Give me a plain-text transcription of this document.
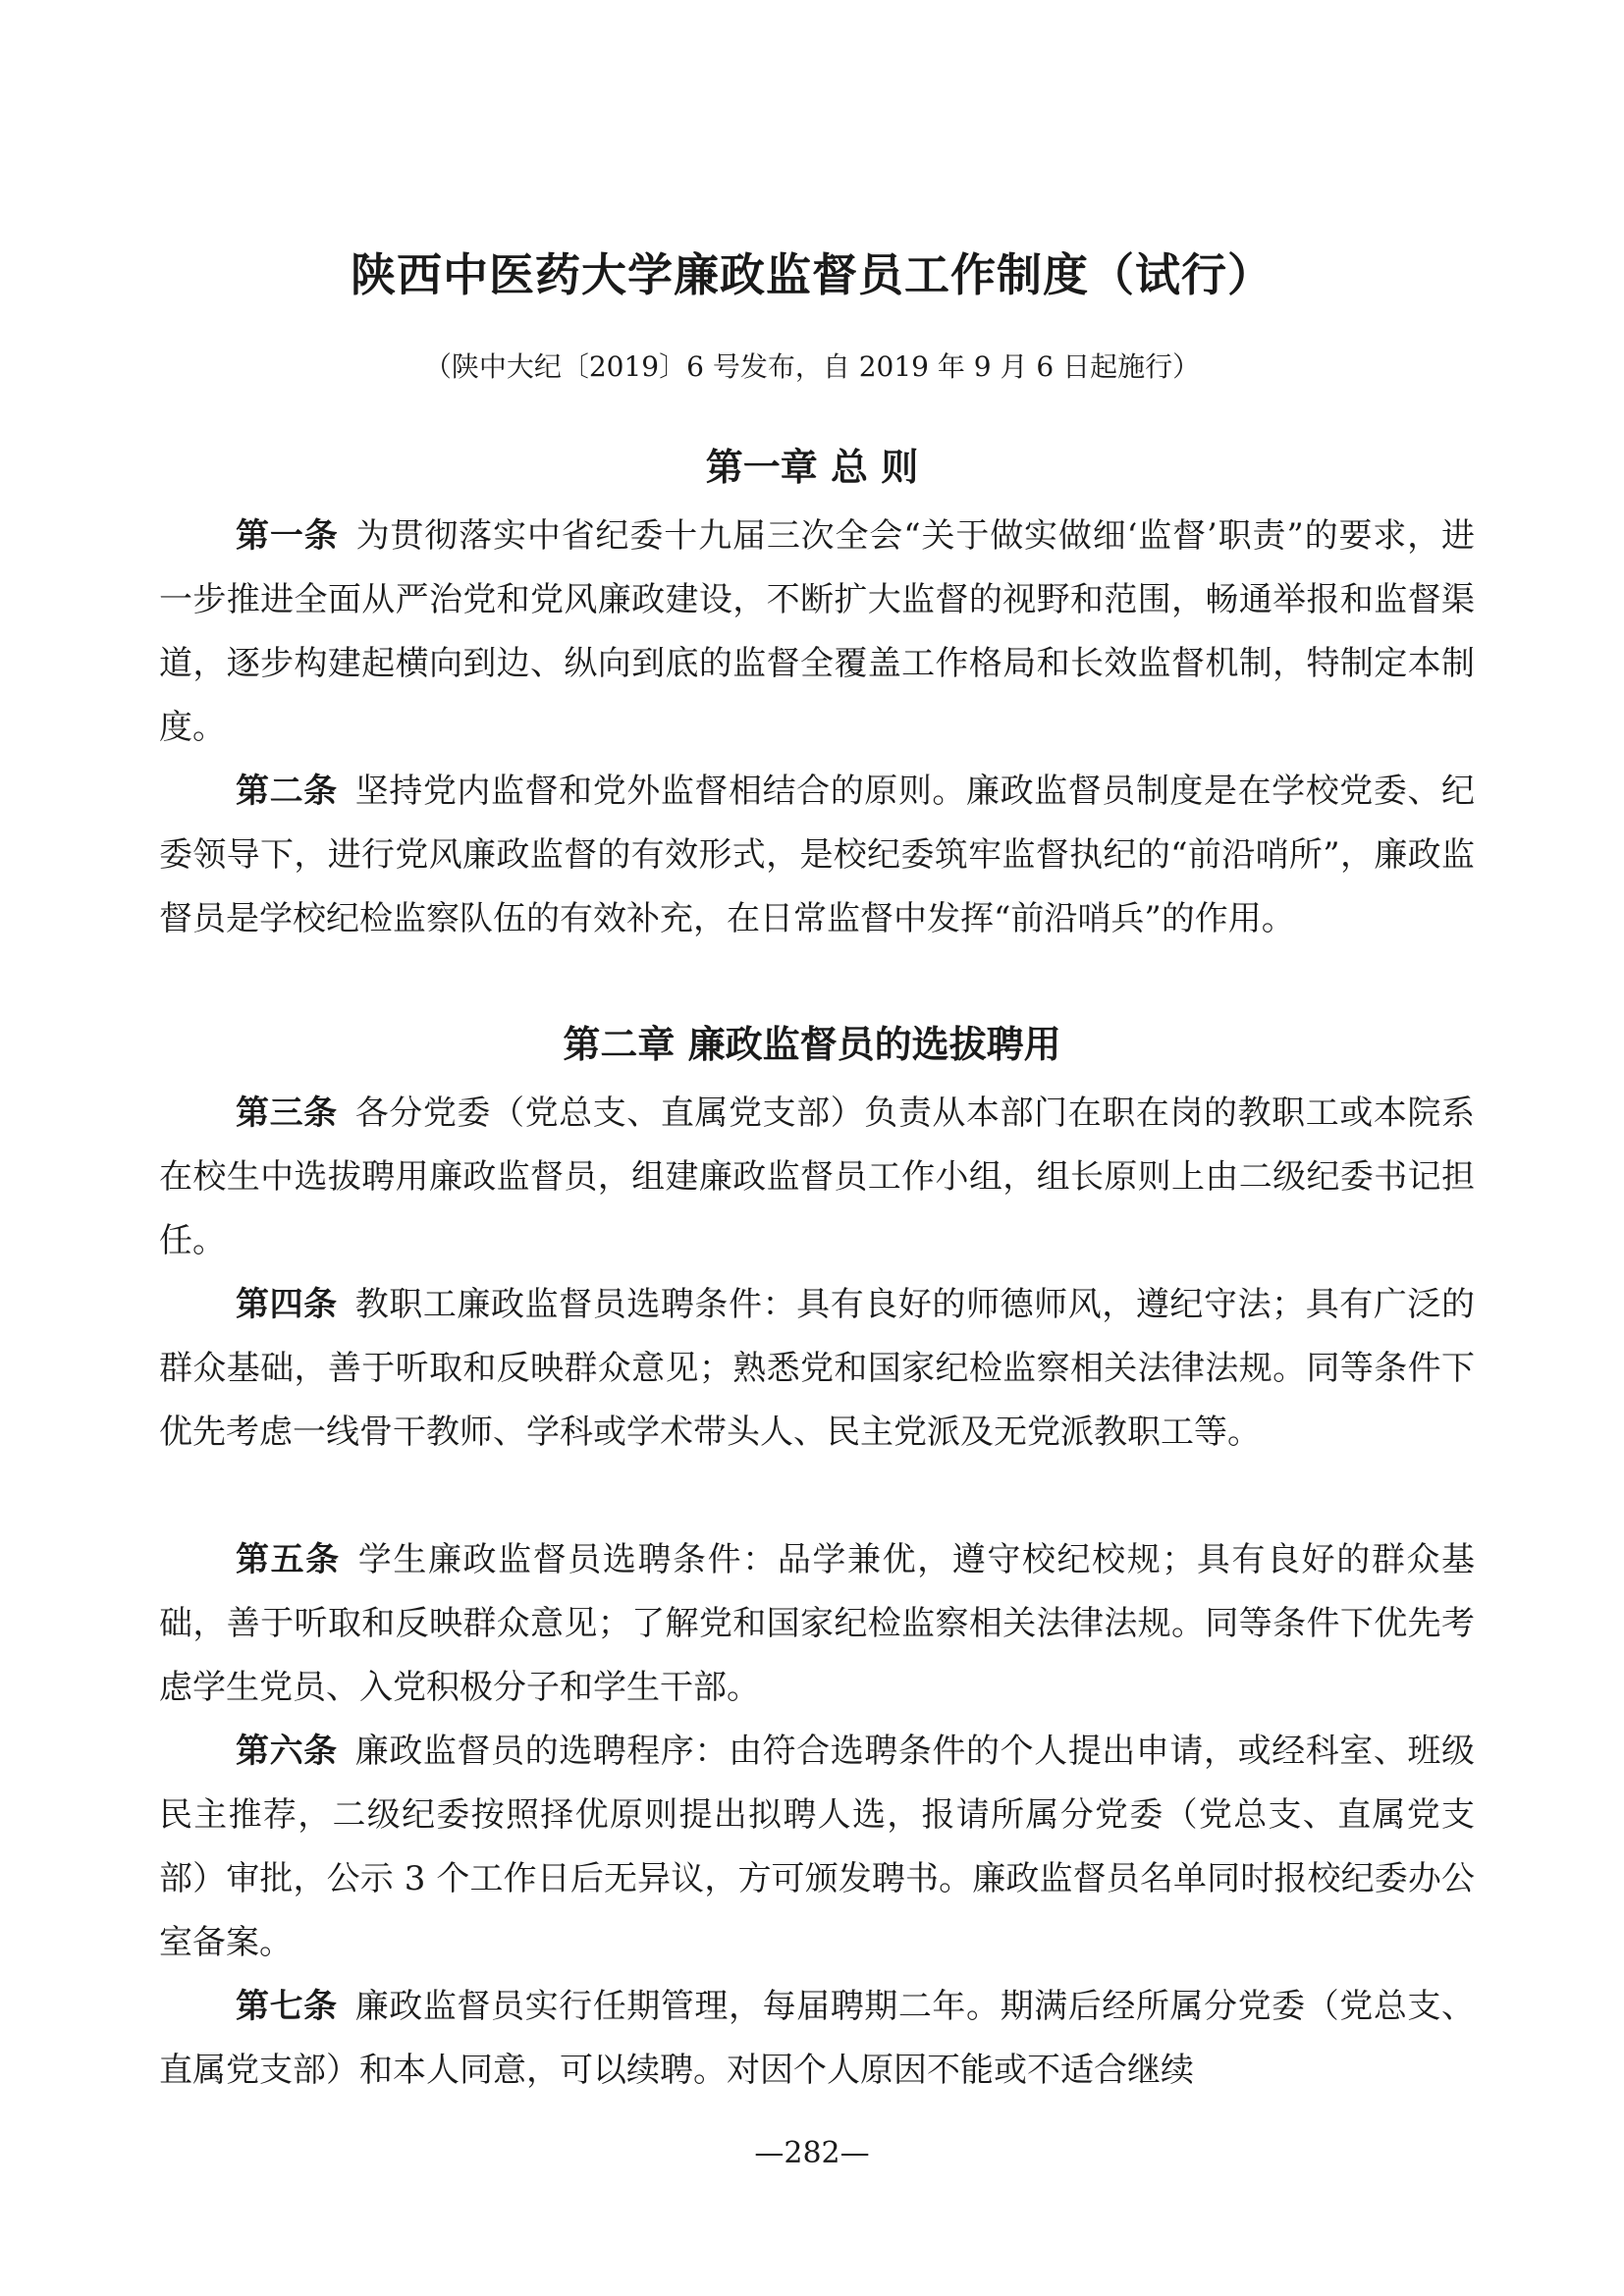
陕西中医药大学廉政监督员工作制度（试行）

（陕中大纪〔2019〕6 号发布，自 2019 年 9 月 6 日起施行）

第一章 总 则

第一条 为贯彻落实中省纪委十九届三次全会“关于做实做细‘监督’职责”的要求，进一步推进全面从严治党和党风廉政建设，不断扩大监督的视野和范围，畅通举报和监督渠道，逐步构建起横向到边、纵向到底的监督全覆盖工作格局和长效监督机制，特制定本制度。

第二条 坚持党内监督和党外监督相结合的原则。廉政监督员制度是在学校党委、纪委领导下，进行党风廉政监督的有效形式，是校纪委筑牢监督执纪的“前沿哨所”，廉政监督员是学校纪检监察队伍的有效补充，在日常监督中发挥“前沿哨兵”的作用。

第二章 廉政监督员的选拔聘用

第三条 各分党委（党总支、直属党支部）负责从本部门在职在岗的教职工或本院系在校生中选拔聘用廉政监督员，组建廉政监督员工作小组，组长原则上由二级纪委书记担任。

第四条 教职工廉政监督员选聘条件：具有良好的师德师风，遵纪守法；具有广泛的群众基础，善于听取和反映群众意见；熟悉党和国家纪检监察相关法律法规。同等条件下优先考虑一线骨干教师、学科或学术带头人、民主党派及无党派教职工等。

第五条 学生廉政监督员选聘条件：品学兼优，遵守校纪校规；具有良好的群众基础，善于听取和反映群众意见；了解党和国家纪检监察相关法律法规。同等条件下优先考虑学生党员、入党积极分子和学生干部。

第六条 廉政监督员的选聘程序：由符合选聘条件的个人提出申请，或经科室、班级民主推荐，二级纪委按照择优原则提出拟聘人选，报请所属分党委（党总支、直属党支部）审批，公示 3 个工作日后无异议，方可颁发聘书。廉政监督员名单同时报校纪委办公室备案。

第七条 廉政监督员实行任期管理，每届聘期二年。期满后经所属分党委（党总支、直属党支部）和本人同意，可以续聘。对因个人原因不能或不适合继续

—282—
